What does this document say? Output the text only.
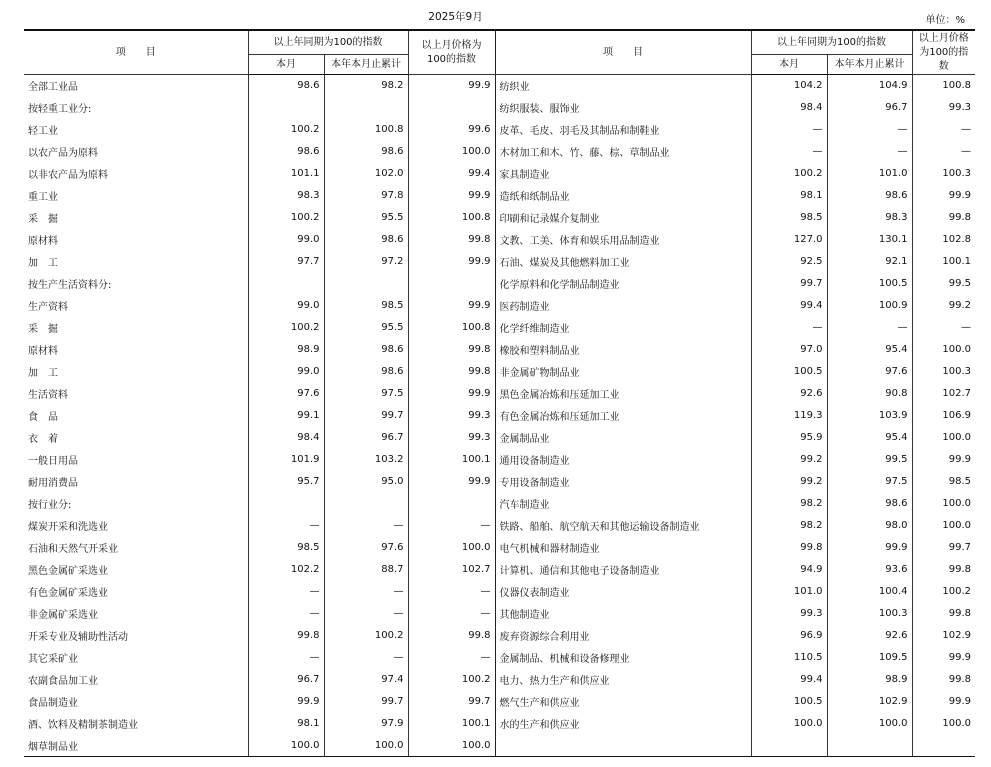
2025年9月	单位：%
项　　目	以上年同期为100的指数		以上月价格为100的指数	项　　目	以上年同期为100的指数		以上月价格为100的指数
	本月	本年本月止累计			本月	本年本月止累计	
全部工业品	98.6	98.2	99.9	纺织业	104.2	104.9	100.8
按轻重工业分:				纺织服装、服饰业	98.4	96.7	99.3
轻工业	100.2	100.8	99.6	皮革、毛皮、羽毛及其制品和制鞋业	—	—	—
以农产品为原料	98.6	98.6	100.0	木材加工和木、竹、藤、棕、草制品业	—	—	—
以非农产品为原料	101.1	102.0	99.4	家具制造业	100.2	101.0	100.3
重工业	98.3	97.8	99.9	造纸和纸制品业	98.1	98.6	99.9
采　掘	100.2	95.5	100.8	印刷和记录媒介复制业	98.5	98.3	99.8
原材料	99.0	98.6	99.8	文教、工美、体育和娱乐用品制造业	127.0	130.1	102.8
加　工	97.7	97.2	99.9	石油、煤炭及其他燃料加工业	92.5	92.1	100.1
按生产生活资料分:				化学原料和化学制品制造业	99.7	100.5	99.5
生产资料	99.0	98.5	99.9	医药制造业	99.4	100.9	99.2
采　掘	100.2	95.5	100.8	化学纤维制造业	—	—	—
原材料	98.9	98.6	99.8	橡胶和塑料制品业	97.0	95.4	100.0
加　工	99.0	98.6	99.8	非金属矿物制品业	100.5	97.6	100.3
生活资料	97.6	97.5	99.9	黑色金属冶炼和压延加工业	92.6	90.8	102.7
食　品	99.1	99.7	99.3	有色金属冶炼和压延加工业	119.3	103.9	106.9
衣　着	98.4	96.7	99.3	金属制品业	95.9	95.4	100.0
一般日用品	101.9	103.2	100.1	通用设备制造业	99.2	99.5	99.9
耐用消费品	95.7	95.0	99.9	专用设备制造业	99.2	97.5	98.5
按行业分:				汽车制造业	98.2	98.6	100.0
煤炭开采和洗选业	—	—	—	铁路、船舶、航空航天和其他运输设备制造业	98.2	98.0	100.0
石油和天然气开采业	98.5	97.6	100.0	电气机械和器材制造业	99.8	99.9	99.7
黑色金属矿采选业	102.2	88.7	102.7	计算机、通信和其他电子设备制造业	94.9	93.6	99.8
有色金属矿采选业	—	—	—	仪器仪表制造业	101.0	100.4	100.2
非金属矿采选业	—	—	—	其他制造业	99.3	100.3	99.8
开采专业及辅助性活动	99.8	100.2	99.8	废弃资源综合利用业	96.9	92.6	102.9
其它采矿业	—	—	—	金属制品、机械和设备修理业	110.5	109.5	99.9
农副食品加工业	96.7	97.4	100.2	电力、热力生产和供应业	99.4	98.9	99.8
食品制造业	99.9	99.7	99.7	燃气生产和供应业	100.5	102.9	99.9
酒、饮料及精制茶制造业	98.1	97.9	100.1	水的生产和供应业	100.0	100.0	100.0
烟草制品业	100.0	100.0	100.0				
